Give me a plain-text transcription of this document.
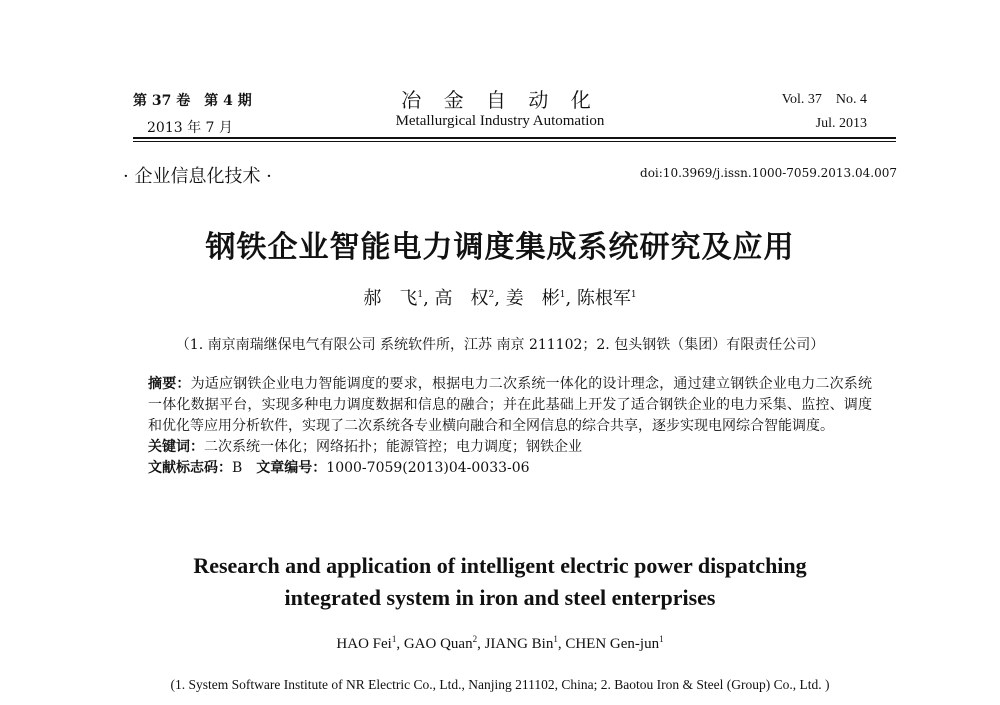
第 37 卷　第 4 期
2013 年 7 月
冶 金 自 动 化
Metallurgical Industry Automation
Vol. 37　No. 4
Jul. 2013
· 企业信息化技术 ·	doi:10.3969/j.issn.1000-7059.2013.04.007
钢铁企业智能电力调度集成系统研究及应用
郝　飞$^1$, 高　权$^2$, 姜　彬$^1$, 陈根军$^1$
（1. 南京南瑞继保电气有限公司 系统软件所，江苏 南京 211102；2. 包头钢铁（集团）有限责任公司）
摘要：为适应钢铁企业电力智能调度的要求，根据电力二次系统一体化的设计理念，通过建立钢铁企业电力二次系统一体化数据平台，实现多种电力调度数据和信息的融合；并在此基础上开发了适合钢铁企业的电力采集、监控、调度和优化等应用分析软件，实现了二次系统各专业横向融合和全网信息的综合共享，逐步实现电网综合智能调度。
关键词：二次系统一体化；网络拓扑；能源管控；电力调度；钢铁企业
文献标志码：B　 文章编号：1000-7059(2013)04-0033-06
Research and application of intelligent electric power dispatching
integrated system in iron and steel enterprises
HAO Fei$^1$, GAO Quan$^2$, JIANG Bin$^1$, CHEN Gen-jun$^1$
(1. System Software Institute of NR Electric Co., Ltd., Nanjing 211102, China; 2. Baotou Iron & Steel (Group) Co., Ltd. )
